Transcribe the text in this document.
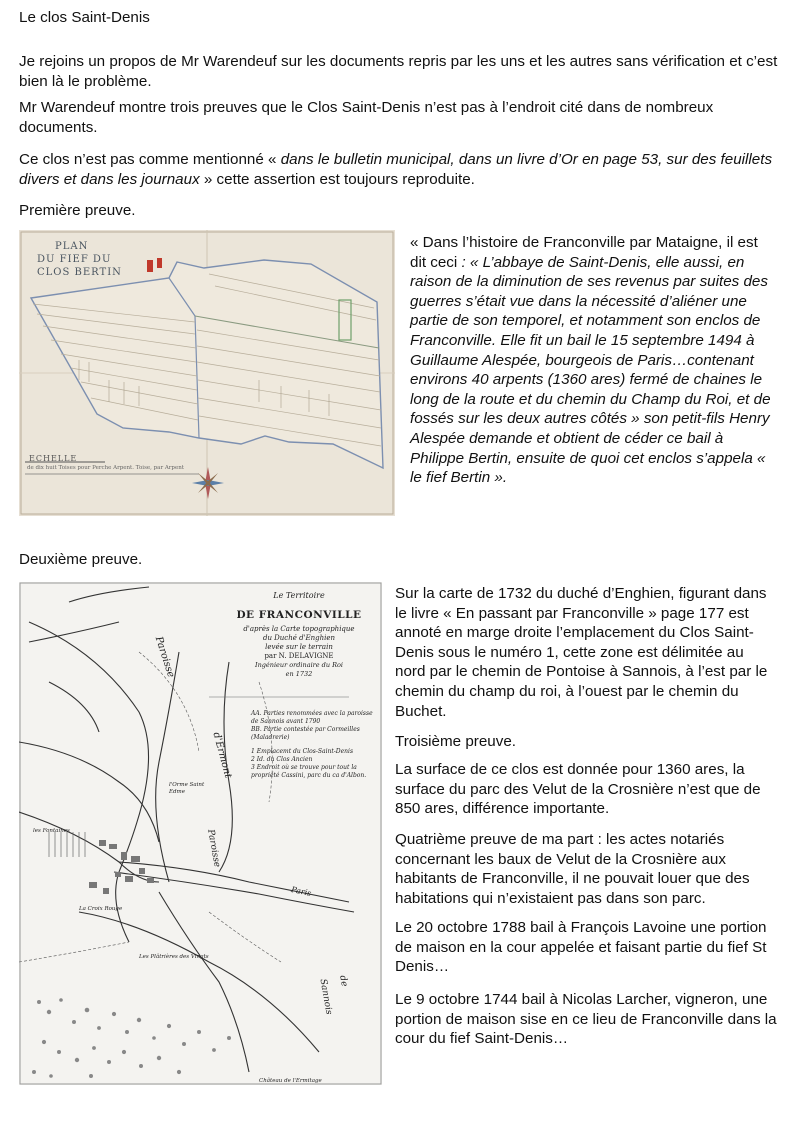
Le clos Saint-Denis

Je rejoins un propos de Mr Warendeuf sur les documents repris par les uns et les autres sans vérification et c’est bien là le problème.

Mr Warendeuf montre trois preuves que le Clos Saint-Denis n’est pas à l’endroit cité dans de nombreux documents.

Ce clos n’est pas comme mentionné « dans le bulletin municipal, dans un livre d’Or en page 53, sur des feuillets divers et dans les journaux » cette assertion est toujours reproduite.

Première preuve.

PLAN
DU FIEF DU
CLOS BERTIN
ECHELLE
de dix huit Toises pour Perche Arpent. Toise, par Arpent

« Dans l’histoire de Franconville par Mataigne, il est dit ceci : « L’abbaye de Saint-Denis, elle aussi, en raison de la diminution de ses revenus par suites des guerres s’était vue dans la nécessité d’aliéner une partie de son temporel, et notamment son enclos de Franconville. Elle fit un bail le 15 septembre 1494 à Guillaume Alespée, bourgeois de Paris…contenant environs 40 arpents (1360 ares) fermé de chaines le long de la route et du chemin du Champ du Roi, et de fossés sur les deux autres côtés » son petit-fils Henry Alespée demande et obtient de céder ce bail à Philippe Bertin, ensuite de quoi cet enclos s’appela « le fief Bertin ».

Deuxième preuve.

Le Territoire
DE FRANCONVILLE
d'après la Carte topographique
du Duché d'Enghien
levée sur le terrain
par N. DELAVIGNE
Ingénieur ordinaire du Roi
en 1732
AA. Parties renommées avec la paroisse de Sannois avant 1790
BB. Partie contestée par Cormeilles (Maladrerie)
1 Emplacemt du Clos-Saint-Denis
2 Id. du Clos Ancien
3 Endroit où se trouve pour tout la propriété Cassini, parc du ca d'Albon.
Paroisse
d'Ermont
Paroisse
de Sannois
Paris
l'Orme Saint Edme
les Fontaines
Les Plâtrières des Vingts
La Croix Rouge
Château de l'Ermitage

Sur la carte de 1732 du duché d’Enghien, figurant dans le livre « En passant par Franconville » page 177 est annoté en marge droite l’emplacement du Clos Saint-Denis sous le numéro 1, cette zone est délimitée au nord par le chemin de Pontoise à Sannois, à l’est par le chemin du champ du roi, à l’ouest par le chemin du Buchet.

Troisième preuve.

La surface de ce clos est donnée pour 1360 ares, la surface du parc des Velut de la Crosnière n’est que de 850 ares, différence importante.

Quatrième preuve de ma part : les actes notariés concernant les baux de Velut de la Crosnière aux habitants de Franconville, il ne pouvait louer que des habitations qui n’existaient pas dans son parc.

Le 20 octobre 1788 bail à François Lavoine une portion de maison en la cour appelée et faisant partie du fief St Denis…

Le 9 octobre 1744 bail à Nicolas Larcher, vigneron, une portion de maison sise en ce lieu de Franconville dans la cour du fief Saint-Denis…
